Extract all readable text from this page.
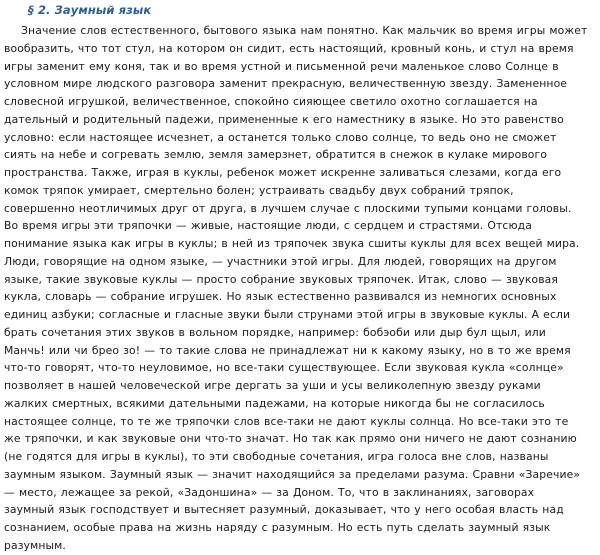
§ 2. Заумный язык

Значение слов естественного, бытового языка нам понятно. Как мальчик во время игры может вообразить, что тот стул, на котором он сидит, есть настоящий, кровный конь, и стул на время игры заменит ему коня, так и во время устной и письменной речи маленькое слово Солнце в условном мире людского разговора заменит прекрасную, величественную звезду. Замененное словесной игрушкой, величественное, спокойно сияющее светило охотно соглашается на дательный и родительный падежи, примененные к его наместнику в языке. Но это равенство условно: если настоящее исчезнет, а останется только слово солнце, то ведь оно не сможет сиять на небе и согревать землю, земля замерзнет, обратится в снежок в кулаке мирового пространства. Также, играя в куклы, ребенок может искренне заливаться слезами, когда его комок тряпок умирает, смертельно болен; устраивать свадьбу двух собраний тряпок, совершенно неотличимых друг от друга, в лучшем случае с плоскими тупыми концами головы. Во время игры эти тряпочки — живые, настоящие люди, с сердцем и страстями. Отсюда понимание языка как игры в куклы; в ней из тряпочек звука сшиты куклы для всех вещей мира. Люди, говорящие на одном языке, — участники этой игры. Для людей, говорящих на другом языке, такие звуковые куклы — просто собрание звуковых тряпочек. Итак, слово — звуковая кукла, словарь — собрание игрушек. Но язык естественно развивался из немногих основных единиц азбуки; согласные и гласные звуки были струнами этой игры в звуковые куклы. А если брать сочетания этих звуков в вольном порядке, например: бобэоби или дыр бул щыл, или Манчь! или чи брео зо! — то такие слова не принадлежат ни к какому языку, но в то же время что-то говорят, что-то неуловимое, но все-таки существующее. Если звуковая кукла «солнце» позволяет в нашей человеческой игре дергать за уши и усы великолепную звезду руками жалких смертных, всякими дательными падежами, на которые никогда бы не согласилось настоящее солнце, то те же тряпочки слов все-таки не дают куклы солнца. Но все-таки это те же тряпочки, и как звуковые они что-то значат. Но так как прямо они ничего не дают сознанию (не годятся для игры в куклы), то эти свободные сочетания, игра голоса вне слов, названы заумным языком. Заумный язык — значит находящийся за пределами разума. Сравни «Заречие» — место, лежащее за рекой, «Задоншина» — за Доном. То, что в заклинаниях, заговорах заумный язык господствует и вытесняет разумный, доказывает, что у него особая власть над сознанием, особые права на жизнь наряду с разумным. Но есть путь сделать заумный язык разумным.
